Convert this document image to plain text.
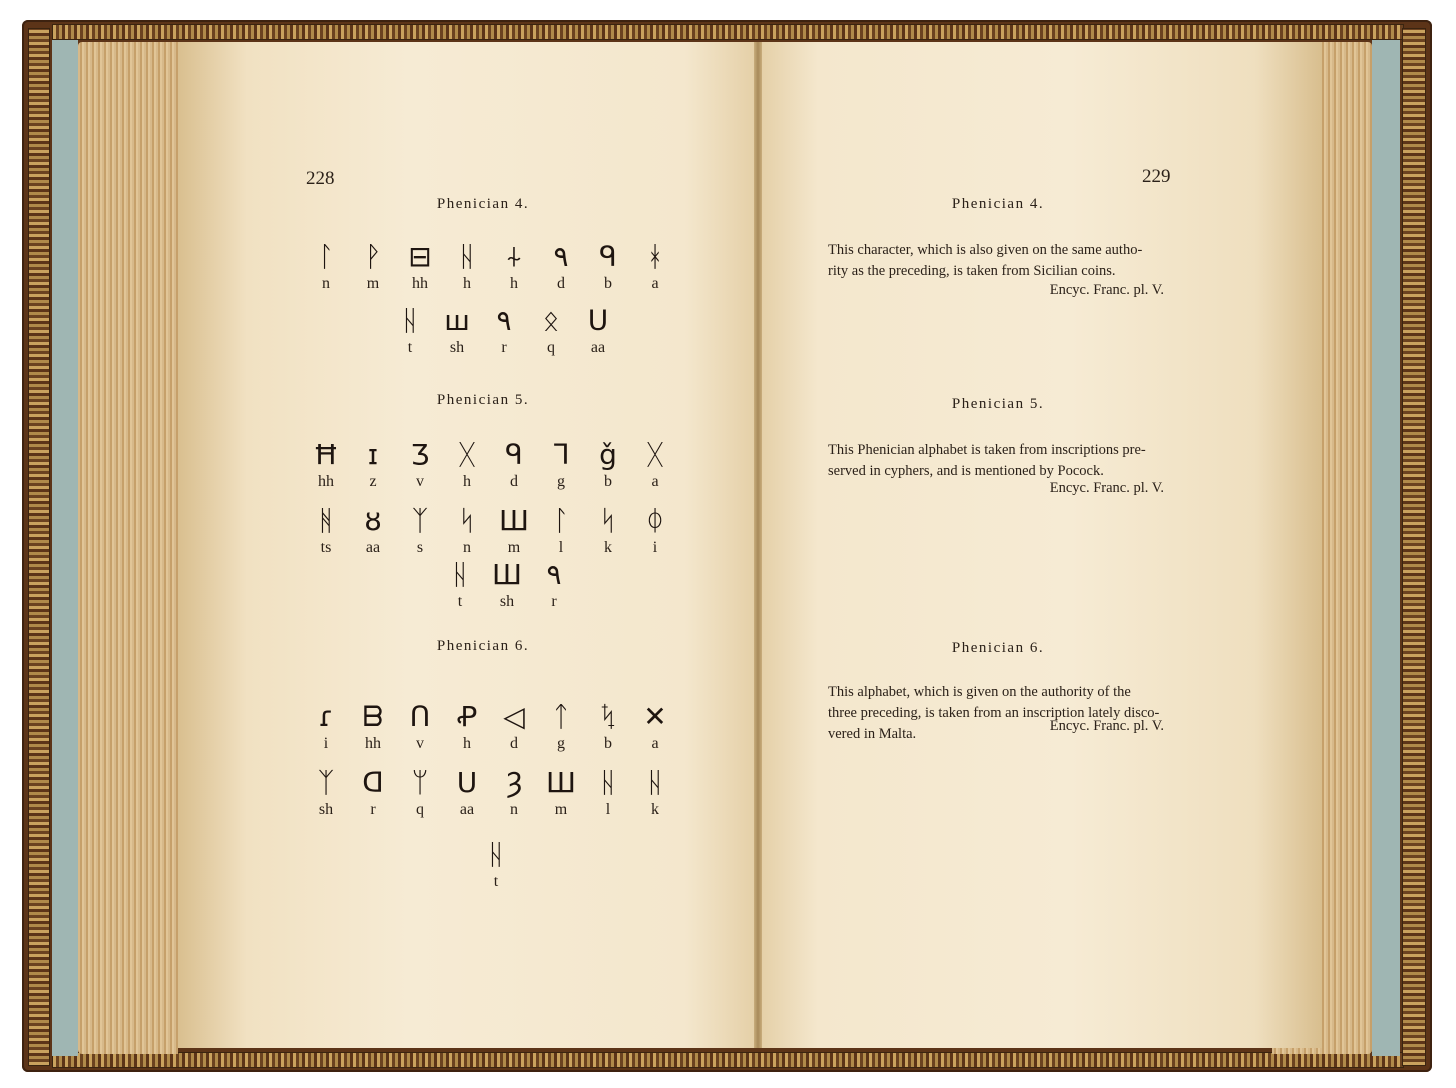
228
Phenician 4.
ᛚ
n
ᚹ
m
⊟
hh
ᚺ
h
⍭
h
٩
d
ᑫ
b
ᚼ
a
ᚺ
t
ш
sh
٩
r
ᛟ
q
ᑌ
aa
Phenician 5.
Ħ
hh
ɪ
z
Ʒ
v
ᚷ
h
ᑫ
d
ᒣ
g
ǧ
b
ᚷ
a
ᚻ
ts
ȣ
aa
ᛉ
s
ᛋ
n
Ш
m
ᛚ
l
ᛋ
k
ᛰ
i
ᚺ
t
Ш
sh
٩
r
Phenician 6.
ɾ
i
ᗷ
hh
ᑎ
v
Ꝓ
h
◁
d
ᛏ
g
ᛪ
b
✕
a
ᛉ
sh
ᗡ
r
ᛘ
q
U
aa
Ȝ
n
Ш
m
ᚺ
l
ᚺ
k
ᚺ
t
229
Phenician 4.
This character, which is also given on the same autho-
rity as the preceding, is taken from Sicilian coins.
Encyc. Franc. pl. V.
Phenician 5.
This Phenician alphabet is taken from inscriptions pre-
served in cyphers, and is mentioned by Pocock.
Encyc. Franc. pl. V.
Phenician 6.
This alphabet, which is given on the authority of the
three preceding, is taken from an inscription lately disco-
vered in Malta.	Encyc. Franc. pl. V.
